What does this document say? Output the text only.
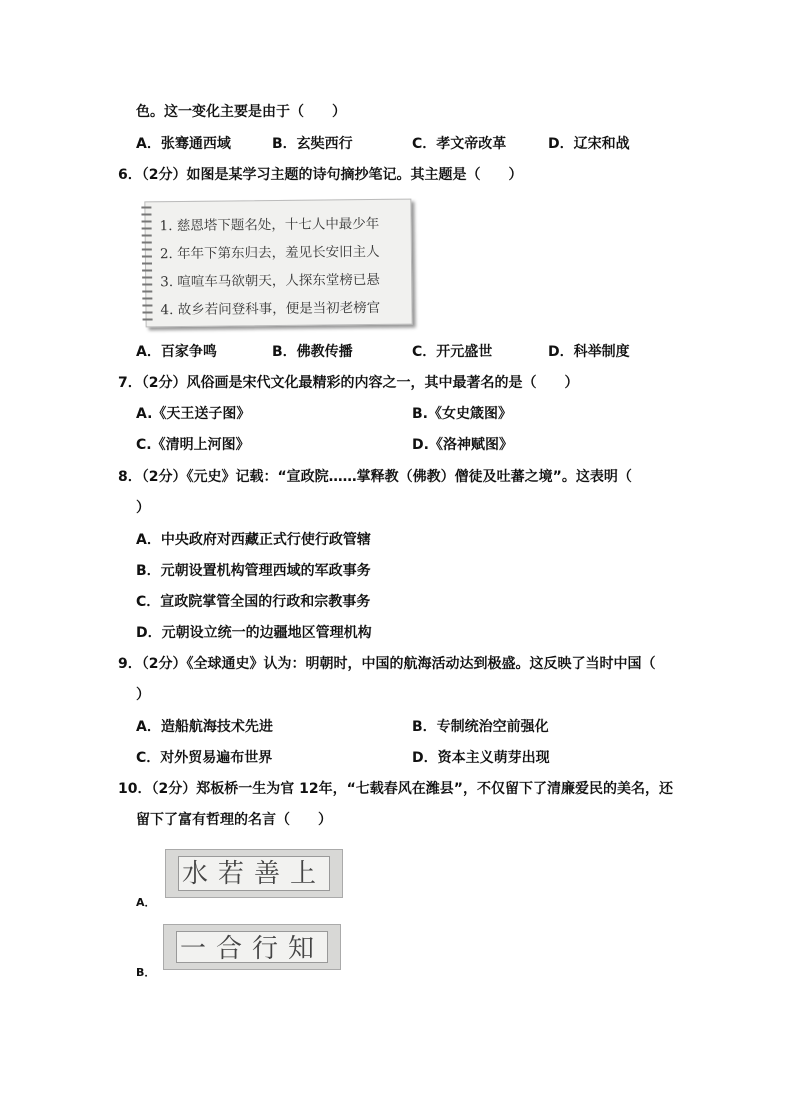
色。这一变化主要是由于（　　）
A．张骞通西域	B．玄奘西行	C．孝文帝改革	D．辽宋和战
6．（2分）如图是某学习主题的诗句摘抄笔记。其主题是（　　）
1. 慈恩塔下题名处，十七人中最少年
2. 年年下第东归去，羞见长安旧主人
3. 喧喧车马欲朝天，人探东堂榜已悬
4. 故乡若问登科事，便是当初老榜官
A．百家争鸣	B．佛教传播	C．开元盛世	D．科举制度
7．（2分）风俗画是宋代文化最精彩的内容之一，其中最著名的是（　　）
A.《天王送子图》	B.《女史箴图》
C.《清明上河图》	D.《洛神赋图》
8．（2分）《元史》记载：“宣政院……掌释教（佛教）僧徒及吐蕃之境”。这表明（
）
A．中央政府对西藏正式行使行政管辖
B．元朝设置机构管理西域的军政事务
C．宣政院掌管全国的行政和宗教事务
D．元朝设立统一的边疆地区管理机构
9．（2分）《全球通史》认为：明朝时，中国的航海活动达到极盛。这反映了当时中国（
）
A．造船航海技术先进	B．专制统治空前强化
C．对外贸易遍布世界	D．资本主义萌芽出现
10．（2分）郑板桥一生为官 12年，“七载春风在潍县”，不仅留下了清廉爱民的美名，还
留下了富有哲理的名言（　　）
A．
水若善上
B．
一合行知
